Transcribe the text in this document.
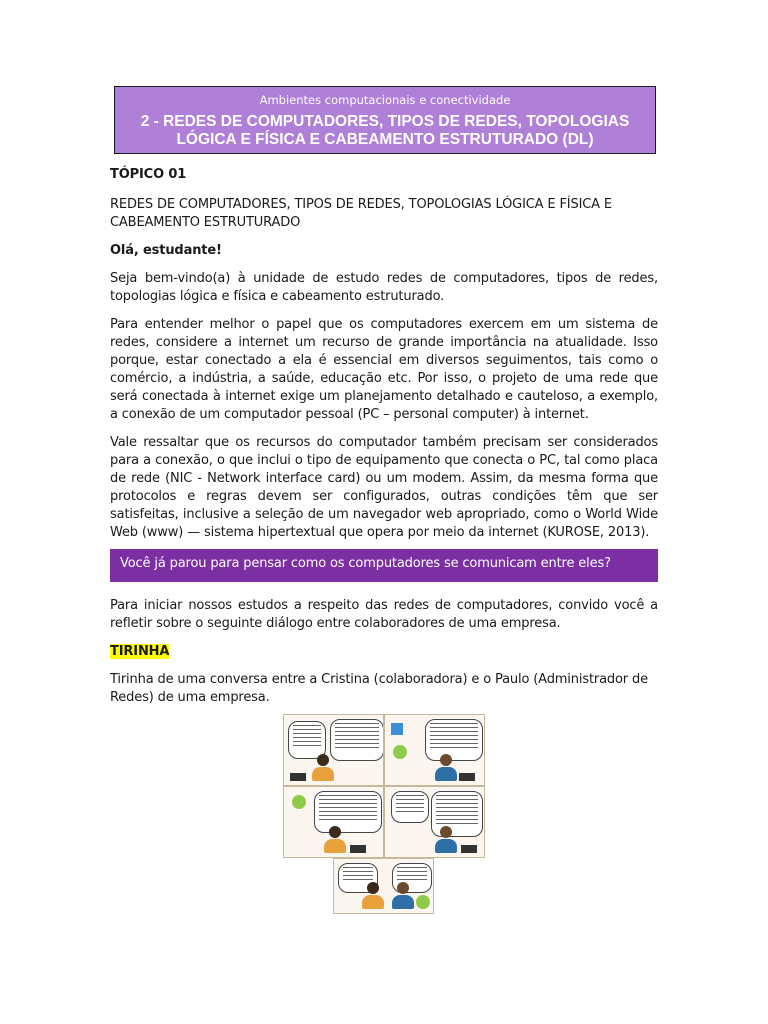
Ambientes computacionais e conectividade
2 - REDES DE COMPUTADORES, TIPOS DE REDES, TOPOLOGIAS LÓGICA E FÍSICA E CABEAMENTO ESTRUTURADO (DL)

TÓPICO 01

REDES DE COMPUTADORES, TIPOS DE REDES, TOPOLOGIAS LÓGICA E FÍSICA E CABEAMENTO ESTRUTURADO

Olá, estudante!

Seja bem-vindo(a) à unidade de estudo redes de computadores, tipos de redes, topologias lógica e física e cabeamento estruturado.

Para entender melhor o papel que os computadores exercem em um sistema de redes, considere a internet um recurso de grande importância na atualidade. Isso porque, estar conectado a ela é essencial em diversos seguimentos, tais como o comércio, a indústria, a saúde, educação etc. Por isso, o projeto de uma rede que será conectada à internet exige um planejamento detalhado e cauteloso, a exemplo, a conexão de um computador pessoal (PC – personal computer) à internet.

Vale ressaltar que os recursos do computador também precisam ser considerados para a conexão, o que inclui o tipo de equipamento que conecta o PC, tal como placa de rede (NIC - Network interface card) ou um modem. Assim, da mesma forma que protocolos e regras devem ser configurados, outras condições têm que ser satisfeitas, inclusive a seleção de um navegador web apropriado, como o World Wide Web (www) — sistema hipertextual que opera por meio da internet (KUROSE, 2013).

Você já parou para pensar como os computadores se comunicam entre eles?

Para iniciar nossos estudos a respeito das redes de computadores, convido você a refletir sobre o seguinte diálogo entre colaboradores de uma empresa.

TIRINHA

Tirinha de uma conversa entre a Cristina (colaboradora) e o Paulo (Administrador de Redes) de uma empresa.
